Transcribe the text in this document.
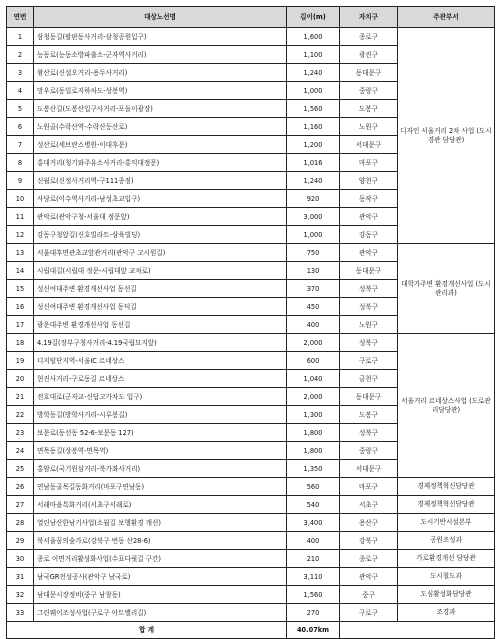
연번	대상노선명	길이(m)	자치구	주관부서
1	삼청동길(팔판동사거리-삼청공원입구)	1,600	종로구	디자인 서울거리 2차 사업 (도시경관 담당관)
2	능동로(능동소방파출소-군자역사거리)	1,100	광진구	
3	왕산로(신설오거리-용두사거리)	1,240	동대문구	
4	망우로(동일로지하차도-상봉역)	1,000	중랑구	
5	도봉산길(도봉산입구사거리-포돌이광장)	1,560	도봉구	
6	노원골(수락산역-수락산등산로)	1,160	노원구	
7	성산로(세브란스병원-이대후문)	1,200	서대문구	
8	홍대거리(청기와주유소사거리-홍익대정문)	1,016	마포구	
9	신월로(신정사거리역-구111종점)	1,240	양천구	
10	사당로(이수역사거리-남성초교입구)	920	동작구	
11	관악로(관악구청-서울대 정문앞)	3,000	관악구	
12	강동구청앞길(신호빌라트-삼육빌딩)	1,000	강동구	
13	서울대후면관초교앞관거리(관악구 고시원길)	750	관악구	대학가주변 환경개선사업 (도시관리과)
14	시립대길(시립대 정문-시립대앞 교차로)	130	동대문구	
15	성신여대주변 환경개선사업 동선길	370	성북구	
16	성신여대주변 환경개선사업 동덕길	450	성북구	
17	광운대주변 환경개선사업 동선길	400	노원구	
18	4.19길(장부구청사거리-4.19국립묘지앞)	2,000	성북구	서울거리 르네상스사업 (도로관리담당관)
19	디지털단지역-서울IC 르네상스	600	구로구	
20	현진사거리-구로동길 르네상스	1,040	금천구	
21	전호대로(군자교-신답고가차도 입구)	2,000	동대문구	
22	방학동길(방학사거리-시루봉길)	1,300	도봉구	
23	보문로(동선동 52-6-보문동 127)	1,800	성북구	
24	면목동길(상봉역-면목역)	1,800	중랑구	
25	홍암로(국기원삼거리-북가좌사거리)	1,350	서대문구	
26	연남동골목길동화거리(마포구연남동)	560	마포구	경제정책혁신담당관
27	서래마을특화거리(서초구서래로)	540	서초구	경제정책혁신담당관
28	열린남산한남기사업(소월길 보행환경 개선)	3,400	용산구	도시기반시설본부
29	북서울꿈의숲가로(강북구 번동 산28-6)	400	강북구	공원조성과
30	종로 이면거리활성화사업(수표다릿길 구간)	210	종로구	가로환경개선 담당관
31	남국GR전성공사(관악구 남국로)	3,110	관악구	도시철도과
32	남대문시장정비(중구 남창동)	1,560	중구	도심활성화담당관
33	그린웨이조성사업(구로구 아트밸리길)	270	구로구	조경과
합 계		40.07km		
